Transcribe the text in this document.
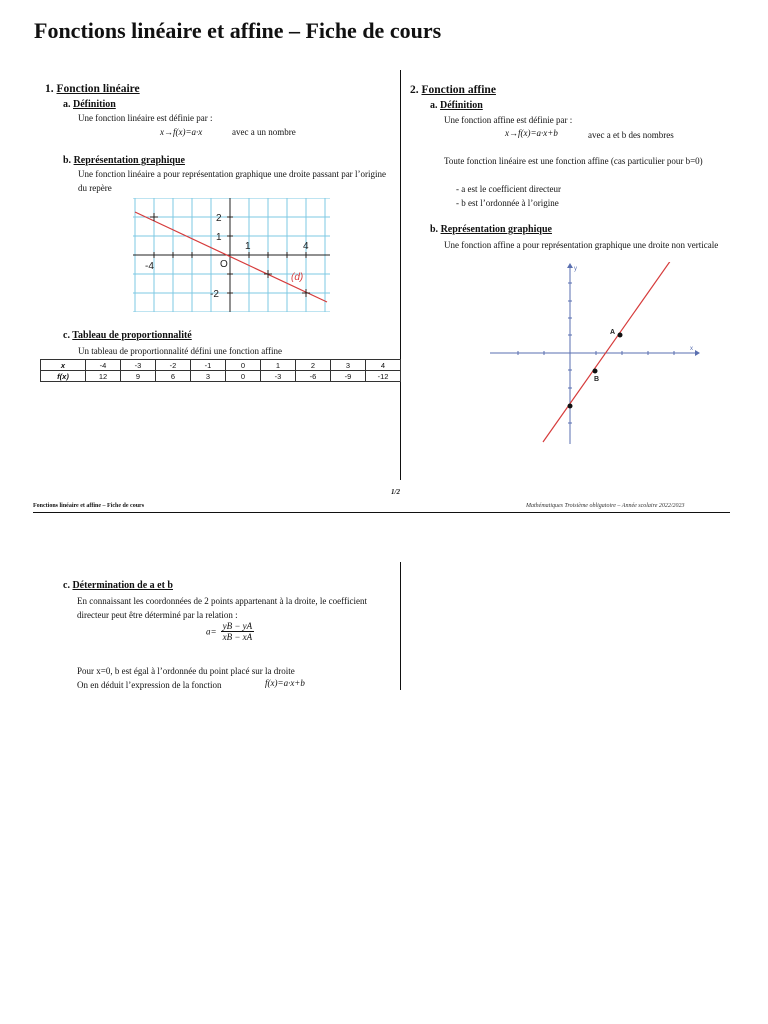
Fonctions linéaire et affine – Fiche de cours
1. Fonction linéaire
a. Définition
Une fonction linéaire est définie par :
x→f(x)=a·x	avec a un nombre
b. Représentation graphique
Une fonction linéaire a pour représentation graphique une droite passant par l’origine du repère
2
1
-2
-4
1	4
O
(d)
c. Tableau de proportionnalité
Un tableau de proportionnalité défini une fonction affine
x	-4	-3	-2	-1	0	1	2	3	4
f(x)	12	9	6	3	0	-3	-6	-9	-12
2. Fonction affine
a. Définition
Une fonction affine est définie par :
x→f(x)=a·x+b	avec a et b des nombres
Toute fonction linéaire est une fonction affine (cas particulier pour b=0)
- a est le coefficient directeur
- b est l’ordonnée à l’origine
b. Représentation graphique
Une fonction affine a pour représentation graphique une droite non verticale
y
x
A
B
1/2
Fonctions linéaire et affine – Fiche de cours	Mathématiques Troisième obligatoire – Année scolaire 2022/2023
c. Détermination de a et b
En connaissant les coordonnées de 2 points appartenant à la droite, le coefficient directeur peut être déterminé par la relation :
$a= \frac{yB - yA}{xB - xA}$
Pour x=0, b est égal à l’ordonnée du point placé sur la droite
On en déduit l’expression de la fonction	f(x)=a·x+b
